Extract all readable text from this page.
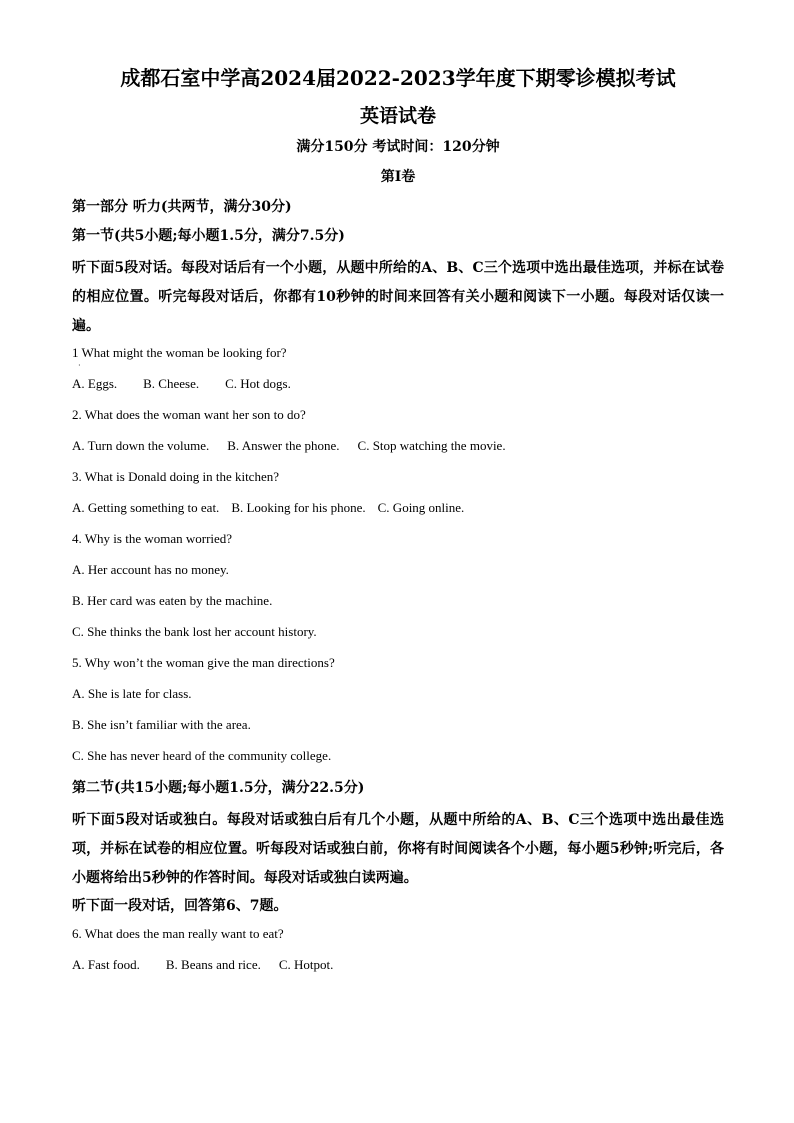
成都石室中学高2024届2022-2023学年度下期零诊模拟考试
英语试卷
满分150分 考试时间：120分钟
第I卷
第一部分 听力(共两节，满分30分)
第一节(共5小题;每小题1.5分，满分7.5分)
听下面5段对话。每段对话后有一个小题，从题中所给的A、B、C三个选项中选出最佳选项，并标在试卷的相应位置。听完每段对话后，你都有10秒钟的时间来回答有关小题和阅读下一小题。每段对话仅读一遍。
1 What might the woman be looking for?
·
A. Eggs. B. Cheese. C. Hot dogs.
2. What does the woman want her son to do?
A. Turn down the volume. B. Answer the phone. C. Stop watching the movie.
3. What is Donald doing in the kitchen?
A. Getting something to eat. B. Looking for his phone. C. Going online.
4. Why is the woman worried?
A. Her account has no money.
B. Her card was eaten by the machine.
C. She thinks the bank lost her account history.
5. Why won’t the woman give the man directions?
A. She is late for class.
B. She isn’t familiar with the area.
C. She has never heard of the community college.
第二节(共15小题;每小题1.5分，满分22.5分)
听下面5段对话或独白。每段对话或独白后有几个小题，从题中所给的A、B、C三个选项中选出最佳选项，并标在试卷的相应位置。听每段对话或独白前，你将有时间阅读各个小题，每小题5秒钟;听完后，各小题将给出5秒钟的作答时间。每段对话或独白读两遍。
听下面一段对话，回答第6、7题。
6. What does the man really want to eat?
A. Fast food. B. Beans and rice. C. Hotpot.
